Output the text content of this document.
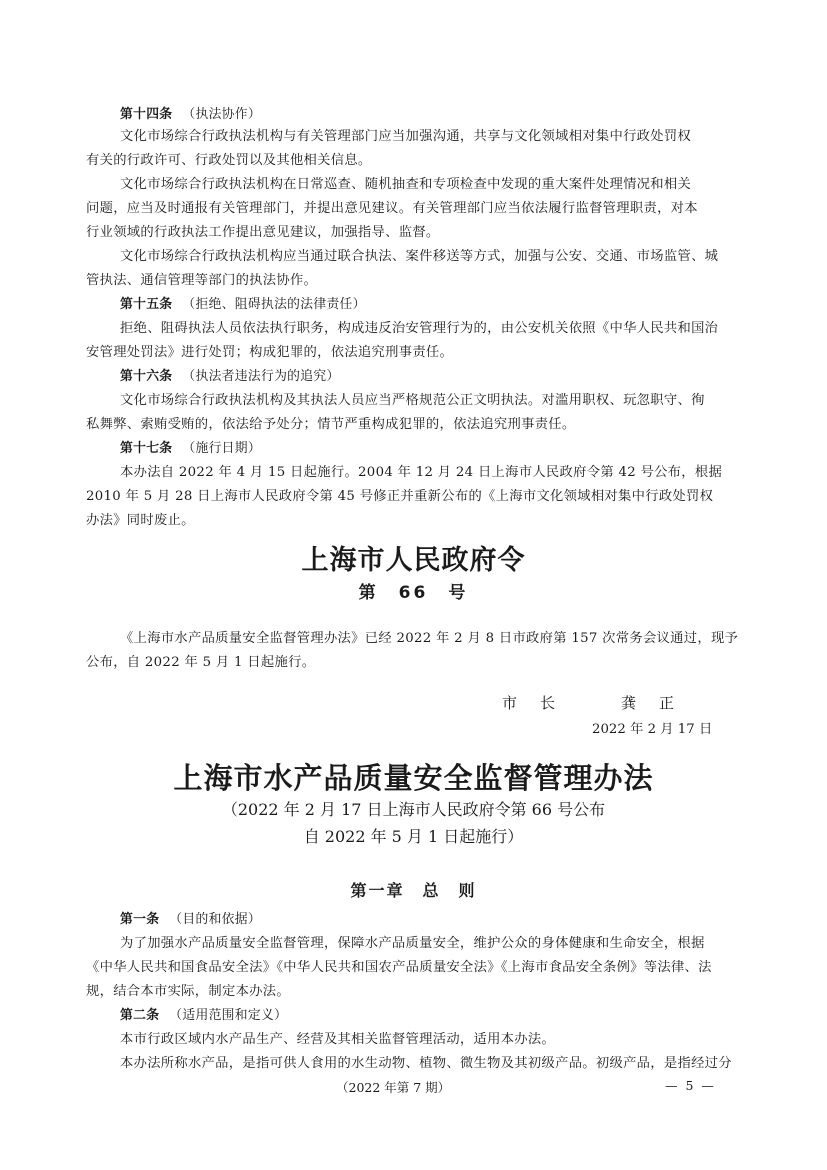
第十四条 （执法协作）
文化市场综合行政执法机构与有关管理部门应当加强沟通，共享与文化领域相对集中行政处罚权
有关的行政许可、行政处罚以及其他相关信息。
文化市场综合行政执法机构在日常巡查、随机抽查和专项检查中发现的重大案件处理情况和相关
问题，应当及时通报有关管理部门，并提出意见建议。有关管理部门应当依法履行监督管理职责，对本
行业领域的行政执法工作提出意见建议，加强指导、监督。
文化市场综合行政执法机构应当通过联合执法、案件移送等方式，加强与公安、交通、市场监管、城
管执法、通信管理等部门的执法协作。
第十五条 （拒绝、阻碍执法的法律责任）
拒绝、阻碍执法人员依法执行职务，构成违反治安管理行为的，由公安机关依照《中华人民共和国治
安管理处罚法》进行处罚；构成犯罪的，依法追究刑事责任。
第十六条 （执法者违法行为的追究）
文化市场综合行政执法机构及其执法人员应当严格规范公正文明执法。对滥用职权、玩忽职守、徇
私舞弊、索贿受贿的，依法给予处分；情节严重构成犯罪的，依法追究刑事责任。
第十七条 （施行日期）
本办法自 2022 年 4 月 15 日起施行。2004 年 12 月 24 日上海市人民政府令第 42 号公布，根据
2010 年 5 月 28 日上海市人民政府令第 45 号修正并重新公布的《上海市文化领域相对集中行政处罚权
办法》同时废止。
上海市人民政府令
第　66　号
《上海市水产品质量安全监督管理办法》已经 2022 年 2 月 8 日市政府第 157 次常务会议通过，现予
公布，自 2022 年 5 月 1 日起施行。
市　长	龚　正
2022 年 2 月 17 日
上海市水产品质量安全监督管理办法
（2022 年 2 月 17 日上海市人民政府令第 66 号公布
自 2022 年 5 月 1 日起施行）
第一章　总　则
第一条 （目的和依据）
为了加强水产品质量安全监督管理，保障水产品质量安全，维护公众的身体健康和生命安全，根据
《中华人民共和国食品安全法》《中华人民共和国农产品质量安全法》《上海市食品安全条例》等法律、法
规，结合本市实际，制定本办法。
第二条 （适用范围和定义）
本市行政区域内水产品生产、经营及其相关监督管理活动，适用本办法。
本办法所称水产品，是指可供人食用的水生动物、植物、微生物及其初级产品。初级产品，是指经过分
（2022 年第 7 期）	— 5 —
